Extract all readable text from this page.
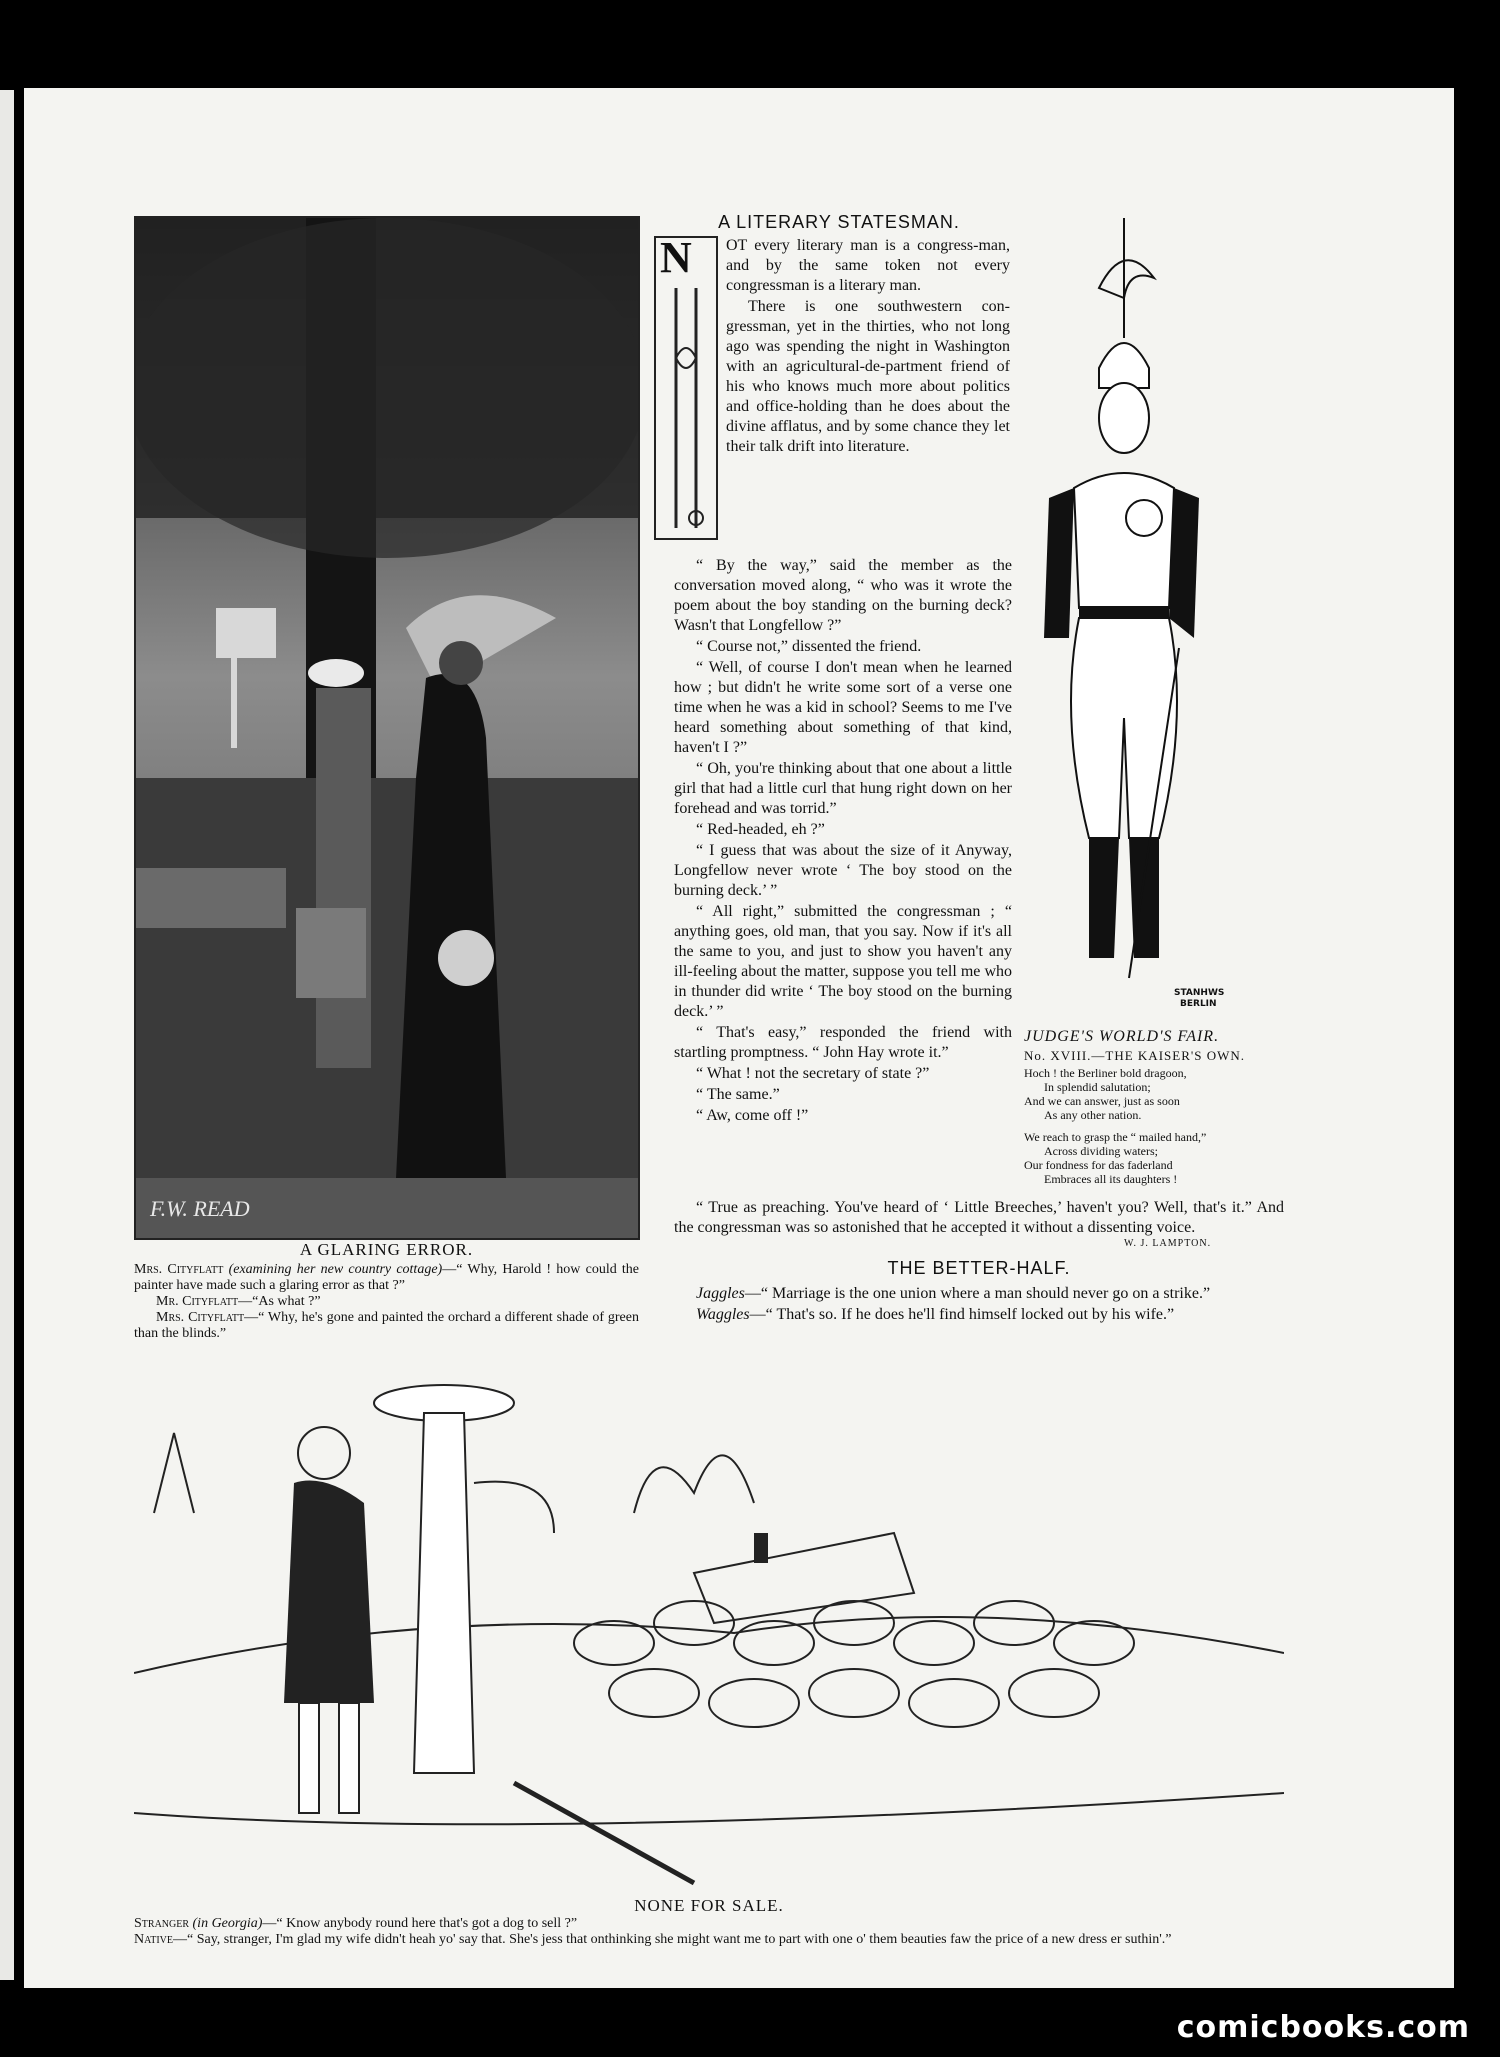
F.W. READ
A GLARING ERROR.
Mrs. Cityflatt (examining her new country cottage)—“ Why, Harold ! how could the painter have made such a glaring error as that ?”
Mr. Cityflatt—“As what ?”
Mrs. Cityflatt—“ Why, he's gone and painted the orchard a different shade of green than the blinds.”
A LITERARY STATESMAN.
N OT every literary man is a congress-man, and by the same token not every congressman is a literary man.

There is one southwestern con-gressman, yet in the thirties, who not long ago was spending the night in Washington with an agricultural-de-partment friend of his who knows much more about politics and office-holding than he does about the divine afflatus, and by some chance they let their talk drift into literature.

“ By the way,” said the member as the conversation moved along, “ who was it wrote the poem about the boy standing on the burning deck? Wasn't that Longfellow ?”

“ Course not,” dissented the friend.

“ Well, of course I don't mean when he learned how ; but didn't he write some sort of a verse one time when he was a kid in school? Seems to me I've heard something about something of that kind, haven't I ?”

“ Oh, you're thinking about that one about a little girl that had a little curl that hung right down on her forehead and was torrid.”

“ Red-headed, eh ?”

“ I guess that was about the size of it Anyway, Longfellow never wrote ‘ The boy stood on the burning deck.’ ”

“ All right,” submitted the congressman ; “ anything goes, old man, that you say. Now if it's all the same to you, and just to show you haven't any ill-feeling about the matter, suppose you tell me who in thunder did write ‘ The boy stood on the burning deck.’ ”

“ That's easy,” responded the friend with startling promptness. “ John Hay wrote it.”

“ What ! not the secretary of state ?”

“ The same.”

“ Aw, come off !”

“ True as preaching. You've heard of ‘ Little Breeches,’ haven't you? Well, that's it.” And the congressman was so astonished that he accepted it without a dissenting voice.

W. J. LAMPTON.
STANHWS
BERLIN
JUDGE'S WORLD'S FAIR.
No. XVIII.—THE KAISER'S OWN.
Hoch ! the Berliner bold dragoon,
In splendid salutation;
And we can answer, just as soon
As any other nation.
We reach to grasp the “ mailed hand,”
Across dividing waters;
Our fondness for das faderland
Embraces all its daughters !
THE BETTER-HALF.

Jaggles—“ Marriage is the one union where a man should never go on a strike.”

Waggles—“ That's so. If he does he'll find himself locked out by his wife.”

NONE FOR SALE.
Stranger (in Georgia)—“ Know anybody round here that's got a dog to sell ?”
Native—“ Say, stranger, I'm glad my wife didn't heah yo' say that. She's jess that onthinking she might want me to part with one o' them beauties faw the price of a new dress er suthin'.”
comicbooks.com
